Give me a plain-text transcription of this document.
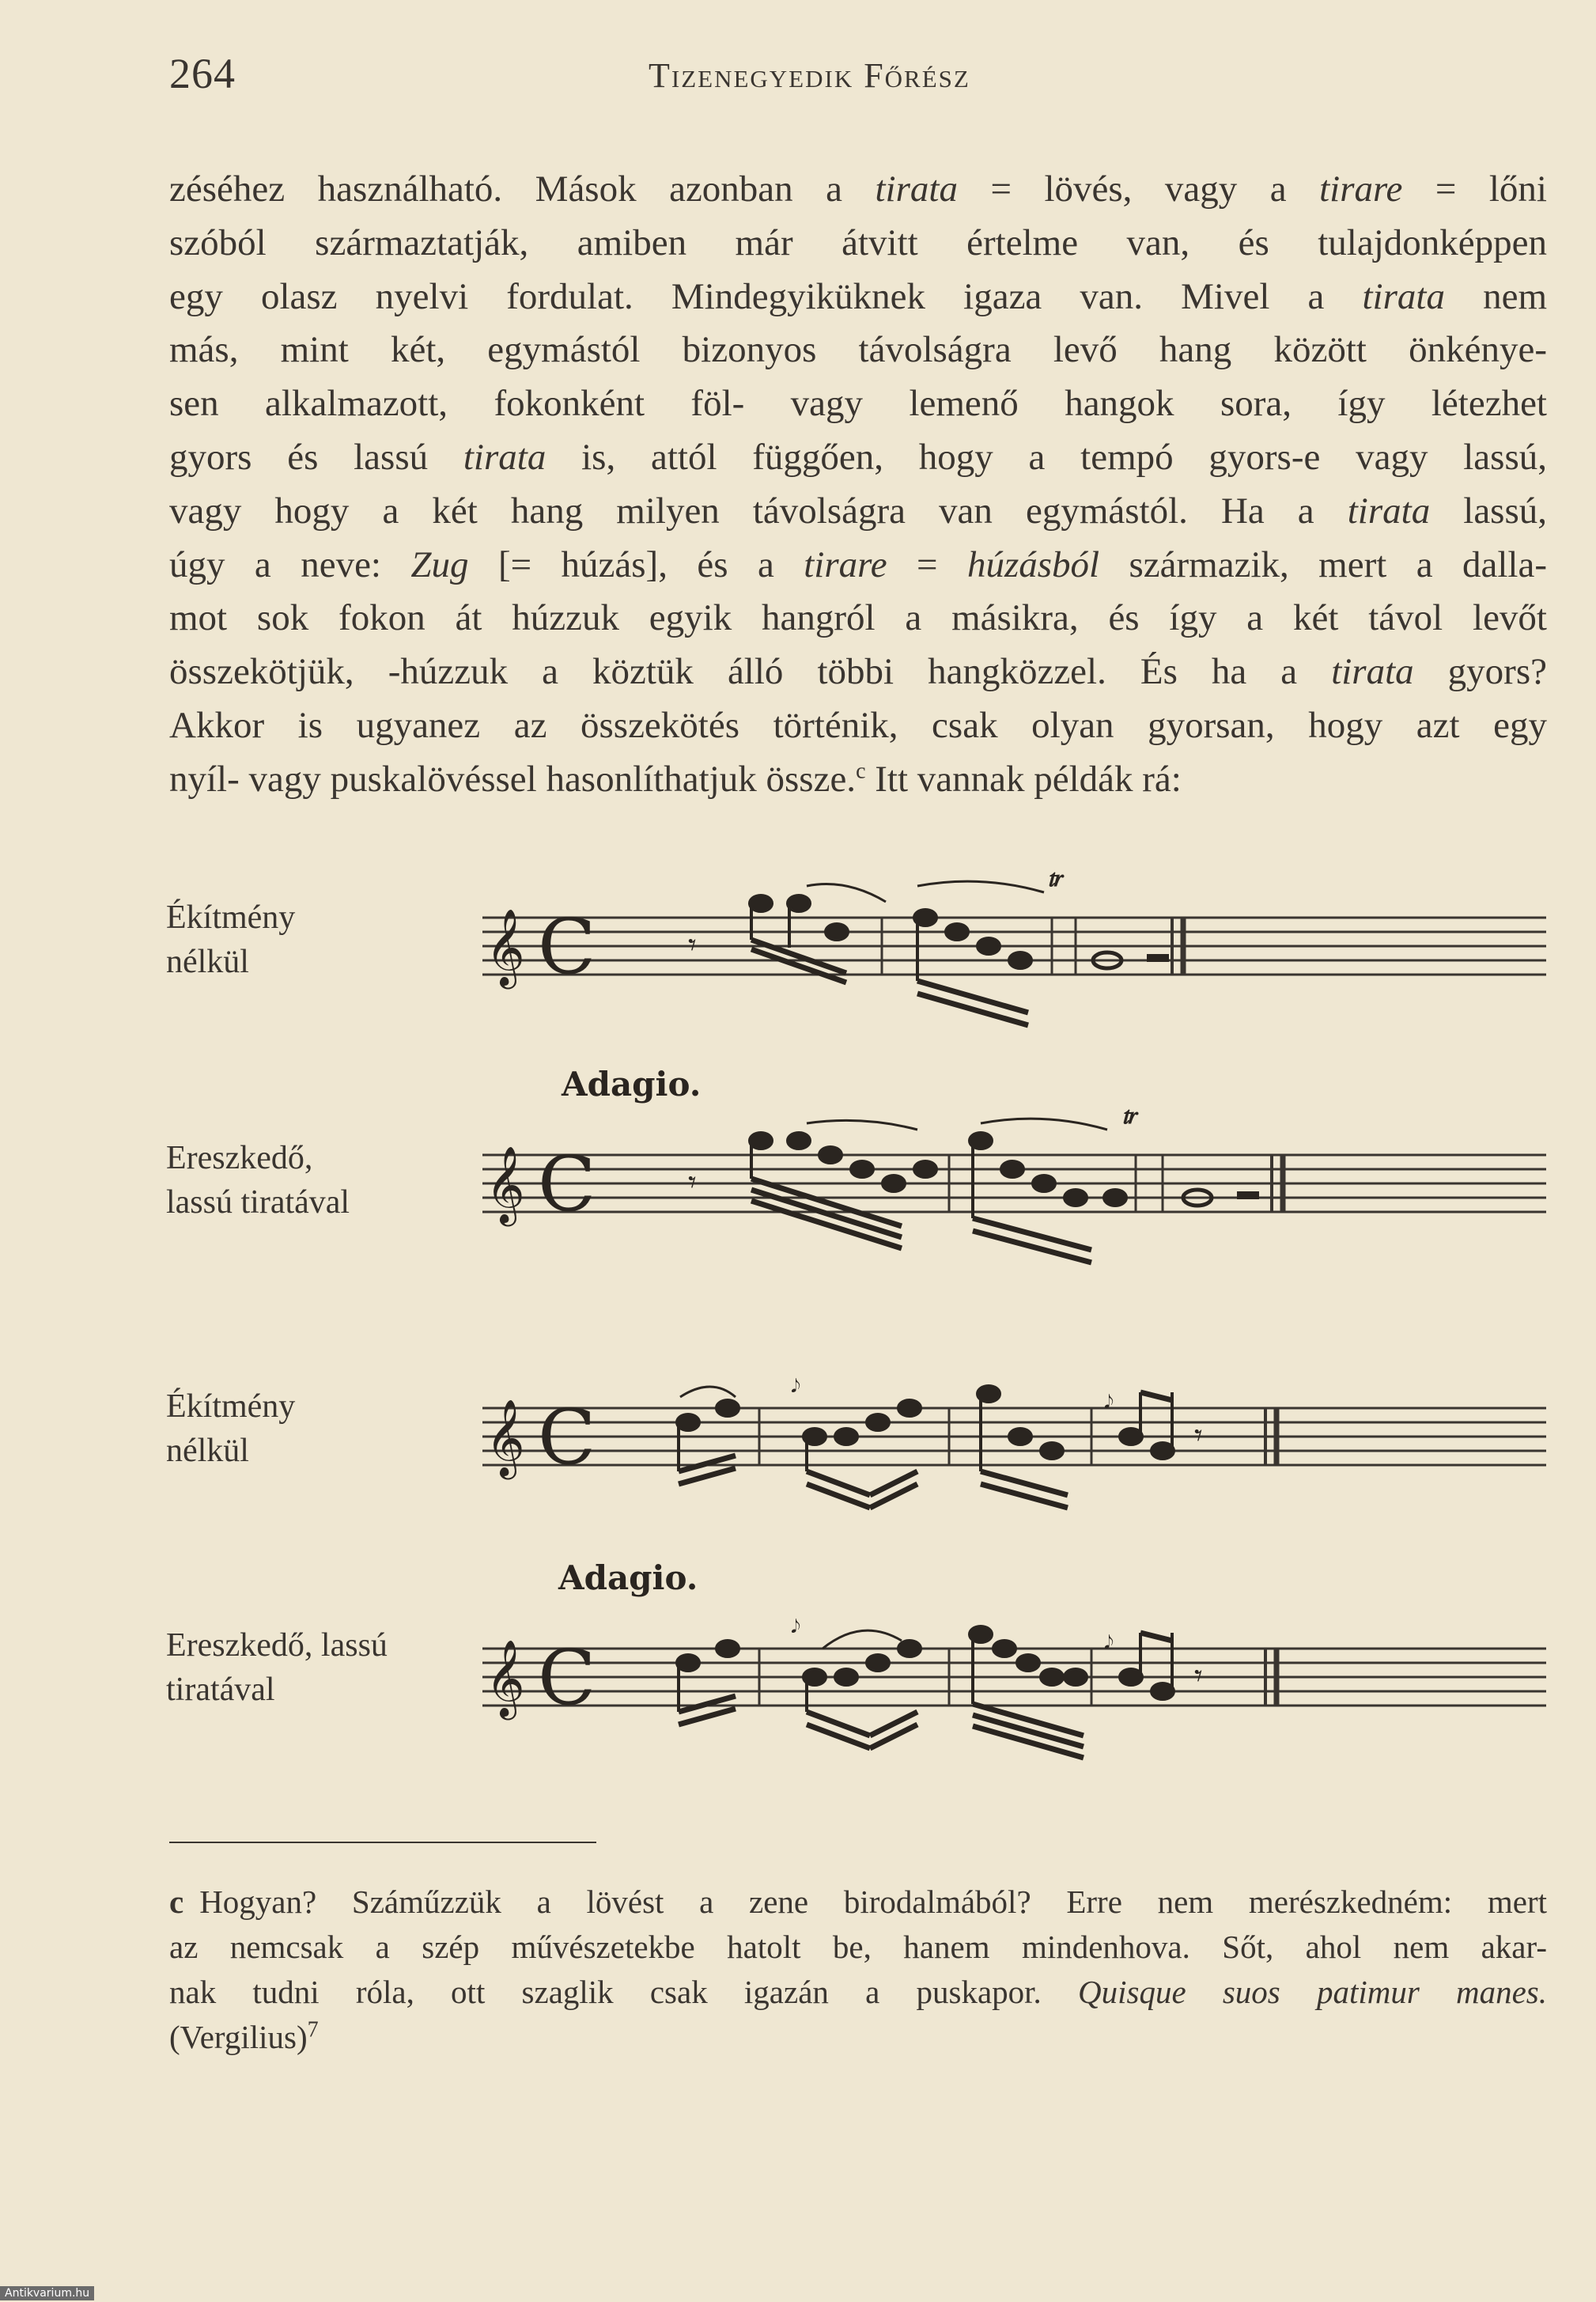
264	Tizenegyedik Főrész
zéséhez használható. Mások azonban a tirata = lövés, vagy a tirare = lőni
szóból származtatják, amiben már átvitt értelme van, és tulajdonképpen
egy olasz nyelvi fordulat. Mindegyiküknek igaza van. Mivel a tirata nem
más, mint két, egymástól bizonyos távolságra levő hang között önkénye-
sen alkalmazott, fokonként föl- vagy lemenő hangok sora, így létezhet
gyors és lassú tirata is, attól függően, hogy a tempó gyors-e vagy lassú,
vagy hogy a két hang milyen távolságra van egymástól. Ha a tirata lassú,
úgy a neve: Zug [= húzás], és a tirare = húzásból származik, mert a dalla-
mot sok fokon át húzzuk egyik hangról a másikra, és így a két távol levőt
összekötjük, -húzzuk a köztük álló többi hangközzel. És ha a tirata gyors?
Akkor is ugyanez az összekötés történik, csak olyan gyorsan, hogy azt egy
nyíl- vagy puskalövéssel hasonlíthatjuk össze.$^c$ Itt vannak példák rá:
Ékítmény
nélkül	𝄞 C	𝄾
𝆖
Adagio.
Ereszkedő,
lassú tiratával 𝄞 C	𝄾
𝆖
Ékítmény
nélkül	𝄞 C
𝆕	𝆕
𝄾
Adagio.
Ereszkedő, lassú
tiratával	𝄞 C
𝆕	𝆕
𝄾
c Hogyan? Száműzzük a lövést a zene birodalmából? Erre nem merészkedném: mert
az nemcsak a szép művészetekbe hatolt be, hanem mindenhova. Sőt, ahol nem akar-
nak tudni róla, ott szaglik csak igazán a puskapor. Quisque suos patimur manes.
(Vergilius)$^7$
Antikvarium.hu
